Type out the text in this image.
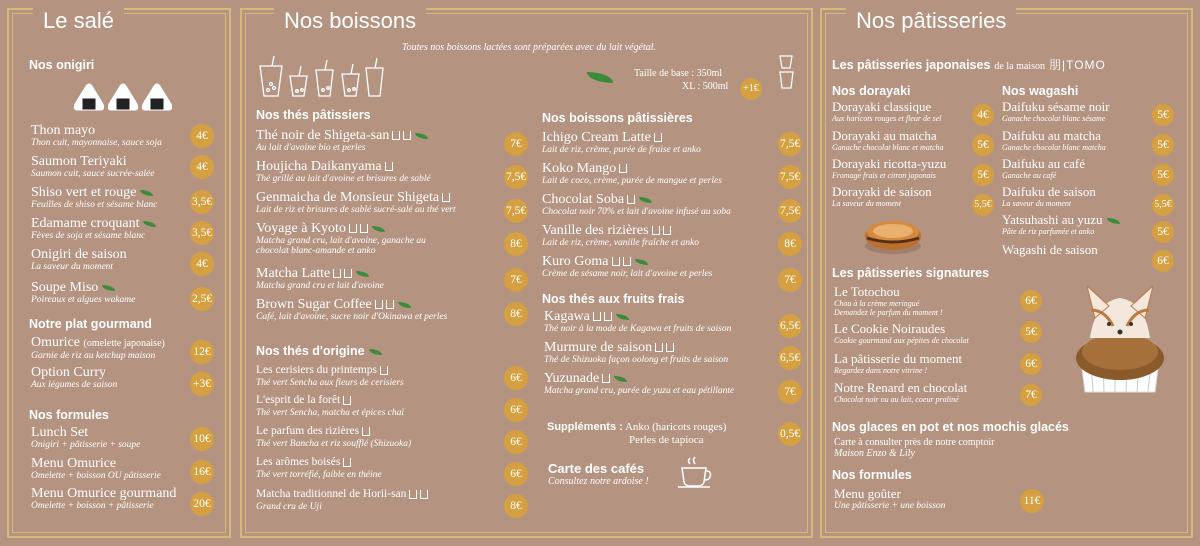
Le salé
Nos onigiri
Thon mayo
Thon cuit, mayonnaise, sauce soja
4€
Saumon Teriyaki
Saumon cuit, sauce sucrée-salée
4€
Shiso vert et rouge
Feuilles de shiso et sésame blanc	3,5€
Edamame croquant
Fèves de soja et sésame blanc	3,5€
Onigiri de saison
La saveur du moment	4€
Soupe Miso
Poireaux et algues wakame	2,5€
Notre plat gourmand
Omurice (omelette japonaise)
Garnie de riz au ketchup maison	12€
Option Curry
Aux légumes de saison	+3€
Nos formules
Lunch Set
Onigiri + pâtisserie + soupe	10€
Menu Omurice
Omelette + boisson OU pâtisserie	16€
Menu Omurice gourmand
Omelette + boisson + pâtisserie	20€
Nos boissons
Toutes nos boissons lactées sont préparées avec du lait végétal.
Taille de base : 350ml
XL : 500ml	+1€
Nos thés pâtissiers
Thé noir de Shigeta-san
Au lait d'avoine bio et perles	7€
Houjicha Daikanyama
Thé grillé au lait d'avoine et brisures de sablé	7,5€
Genmaicha de Monsieur Shigeta
Lait de riz et brisures de sablé sucré-salé au thé vert	7,5€
Voyage à Kyoto
Matcha grand cru, lait d'avoine, ganache au
chocolat blanc-amande et anko
8€
Matcha Latte
Matcha grand cru et lait d'avoine	7€
Brown Sugar Coffee
Café, lait d'avoine, sucre noir d'Okinawa et perles	8€
Nos thés d'origine
Les cerisiers du printemps
Thé vert Sencha aux fleurs de cerisiers	6€
L'esprit de la forêt
Thé vert Sencha, matcha et épices chaï	6€
Le parfum des rizières
Thé vert Bancha et riz soufflé (Shizuoka)	6€
Les arômes boisés
Thé vert torréfié, faible en théine	6€
Matcha traditionnel de Horii-san
Grand cru de Uji	8€
Nos boissons pâtissières
Ichigo Cream Latte
Lait de riz, crème, purée de fraise et anko	7,5€
Koko Mango
Lait de coco, crème, purée de mangue et perles	7,5€
Chocolat Soba
Chocolat noir 70% et lait d'avoine infusé au soba	7,5€
Vanille des rizières
Lait de riz, crème, vanille fraîche et anko	8€
Kuro Goma
Crème de sésame noir, lait d'avoine et perles	7€
Nos thés aux fruits frais
Kagawa
Thé noir à la mode de Kagawa et fruits de saison	6,5€
Murmure de saison
Thé de Shizuoka façon oolong et fruits de saison	6,5€
Yuzunade
Matcha grand cru, purée de yuzu et eau pétillante	7€
Suppléments : Anko (haricots rouges)
Perles de tapioca	0,5€
Carte des cafés
Consultez notre ardoise !
Nos pâtisseries
Les pâtisseries japonaises de la maison 朋|TOMO
Nos dorayaki
Dorayaki classique
Aux haricots rouges et fleur de sel	4€
Dorayaki au matcha
Ganache chocolat blanc et matcha	5€
Dorayaki ricotta-yuzu
Fromage frais et citron japonais	5€
Dorayaki de saison
La saveur du moment	5,5€
Nos wagashi
Daifuku sésame noir
Ganache chocolat blanc sésame	5€
Daifuku au matcha
Ganache chocolat blanc matcha	5€
Daifuku au café
Ganache au café	5€
Daifuku de saison
La saveur du moment	5,5€
Yatsuhashi au yuzu
Pâte de riz parfumée et anko	5€
Wagashi de saison
6€
Les pâtisseries signatures
Le Totochou
Chou à la crème meringué
Demandez le parfum du moment !
6€
Le Cookie Noiraudes
Cookie gourmand aux pépites de chocolat
5€
La pâtisserie du moment
Regardez dans notre vitrine !
6€
Notre Renard en chocolat
Chocolat noir ou au lait, coeur praliné	7€
Nos glaces en pot et nos mochis glacés
Carte à consulter près de notre comptoir
Maison Enzo & Lily
Nos formules
Menu goûter
Une pâtisserie + une boisson	11€
